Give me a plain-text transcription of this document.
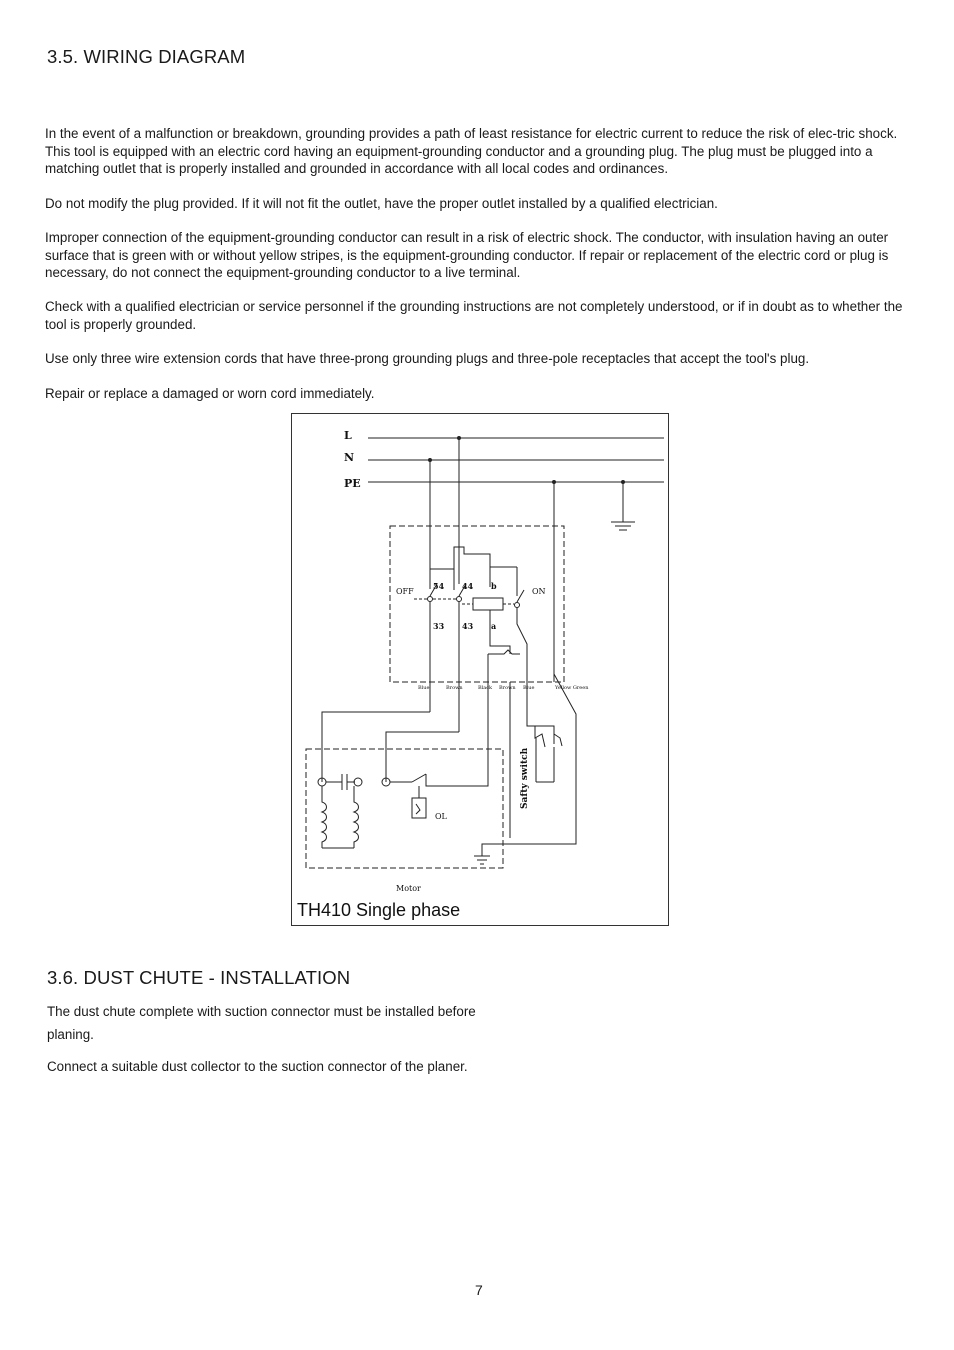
3.5. WIRING DIAGRAM

In the event of a malfunction or breakdown, grounding provides a path of least resistance for electric current to reduce the risk of elec-tric shock. This tool is equipped with an electric cord having an equipment-grounding conductor and a grounding plug. The plug must be plugged into a matching outlet that is properly installed and grounded in accordance with all local codes and ordinances.

Do not modify the plug provided. If it will not fit the outlet, have the proper outlet installed by a qualified electrician.

Improper connection of the equipment-grounding conductor can result in a risk of electric shock. The conductor, with insulation having an outer surface that is green with or without yellow stripes, is the equipment-grounding conductor. If repair or replacement of the electric cord or plug is necessary, do not connect the equipment-grounding conductor to a live terminal.

Check with a qualified electrician or service personnel if the grounding instructions are not completely understood, or if in doubt as to whether the tool is properly grounded.

Use only three wire extension cords that have three-prong grounding plugs and three-pole receptacles that accept the tool's plug.

Repair or replace a damaged or worn cord immediately.

L
N
PE
OFF	ON
54 44 b
33 43 a
OL
Motor
Blue	Brown	Black Brown Blue	Yellow Green
Safty switch
TH410 Single phase
3.6. DUST CHUTE - INSTALLATION

The dust chute complete with suction connector must be installed before planing.

Connect a suitable dust collector to the suction connector of the planer.

7
